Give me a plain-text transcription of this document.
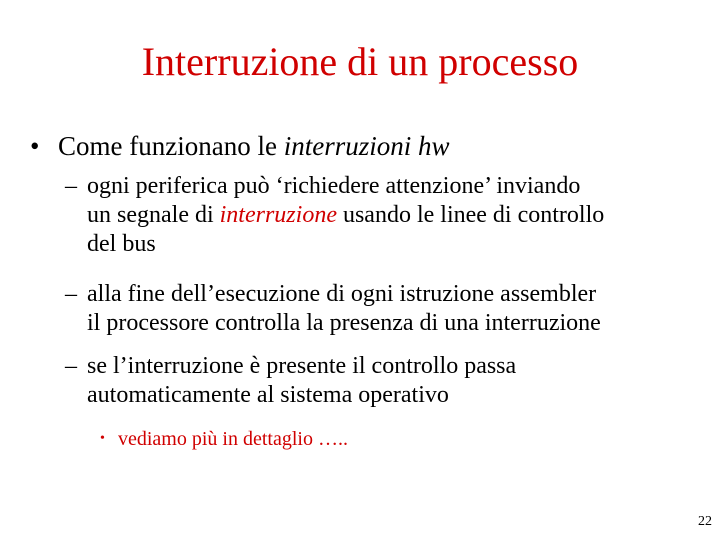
Interruzione di un processo
• Come funzionano le interruzioni hw
– ogni periferica può ‘richiedere attenzione’ inviando
un segnale di interruzione usando le linee di controllo
del bus
– alla fine dell’esecuzione di ogni istruzione assembler
il processore controlla la presenza di una interruzione
– se l’interruzione è presente il controllo passa
automaticamente al sistema operativo
• vediamo più in dettaglio …..
22
